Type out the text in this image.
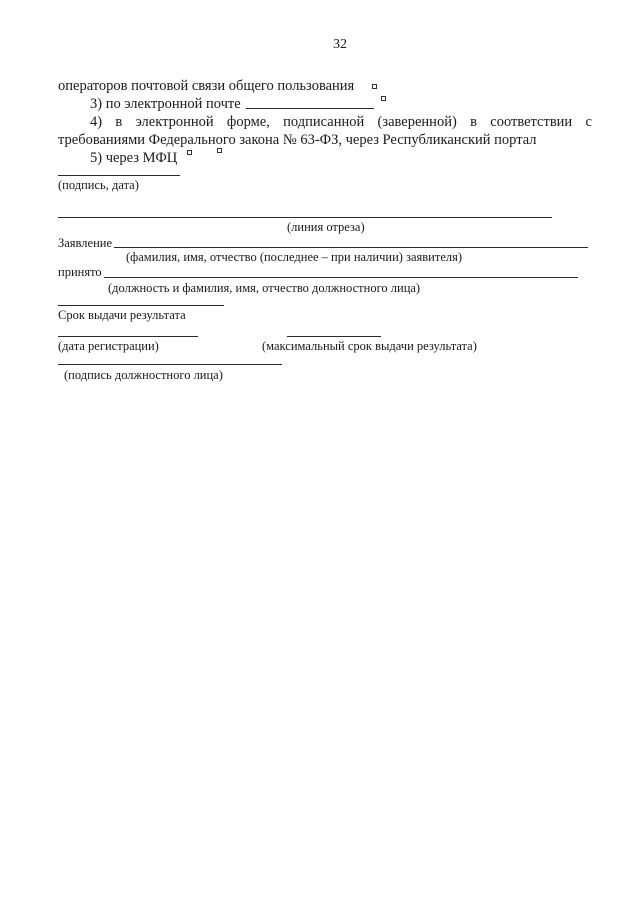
32
операторов почтовой связи общего пользования
3) по электронной почте
4) в электронной форме, подписанной (заверенной) в соответствии с
требованиями Федерального закона № 63-ФЗ, через Республиканский портал
5) через МФЦ
(подпись, дата)
(линия отреза)
Заявление
(фамилия, имя, отчество (последнее – при наличии) заявителя)
принято
(должность и фамилия, имя, отчество должностного лица)
Срок выдачи результата
(дата регистрации)	(максимальный срок выдачи результата)
(подпись должностного лица)
